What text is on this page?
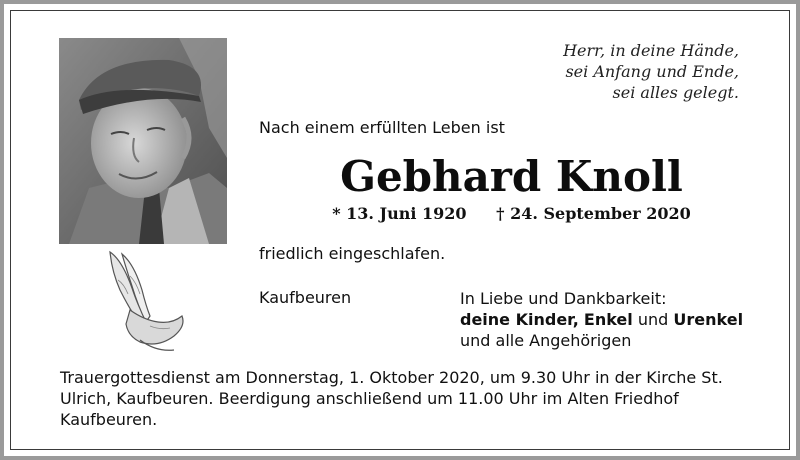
Herr, in deine Hände,
sei Anfang und Ende,
sei alles gelegt.
Nach einem erfüllten Leben ist
Gebhard Knoll
* 13. Juni 1920 † 24. September 2020
friedlich eingeschlafen.
Kaufbeuren	In Liebe und Dankbarkeit:
deine Kinder, Enkel und Urenkel
und alle Angehörigen
Trauergottesdienst am Donnerstag, 1. Oktober 2020, um 9.30 Uhr in der Kirche St. Ulrich, Kaufbeuren. Beerdigung anschließend um 11.00 Uhr im Alten Friedhof Kaufbeuren.
